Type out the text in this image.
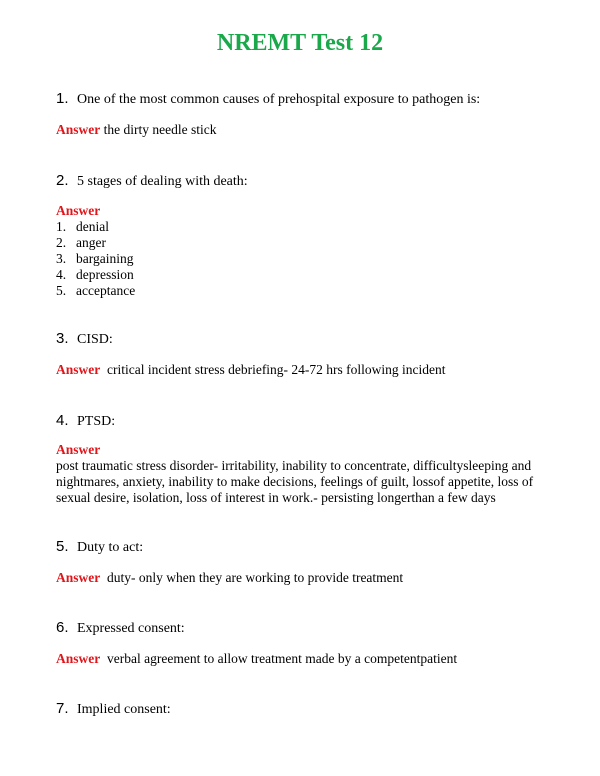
NREMT Test 12
1. One of the most common causes of prehospital exposure to pathogen is:
Answer the dirty needle stick
2. 5 stages of dealing with death:
Answer
1. denial
2. anger
3. bargaining
4. depression
5. acceptance
3. CISD:
Answer critical incident stress debriefing- 24-72 hrs following incident
4. PTSD:
Answer
post traumatic stress disorder- irritability, inability to concentrate, difficultysleeping and
nightmares, anxiety, inability to make decisions, feelings of guilt, lossof appetite, loss of
sexual desire, isolation, loss of interest in work.- persisting longerthan a few days
5. Duty to act:
Answer duty- only when they are working to provide treatment
6. Expressed consent:
Answer verbal agreement to allow treatment made by a competentpatient
7. Implied consent:
